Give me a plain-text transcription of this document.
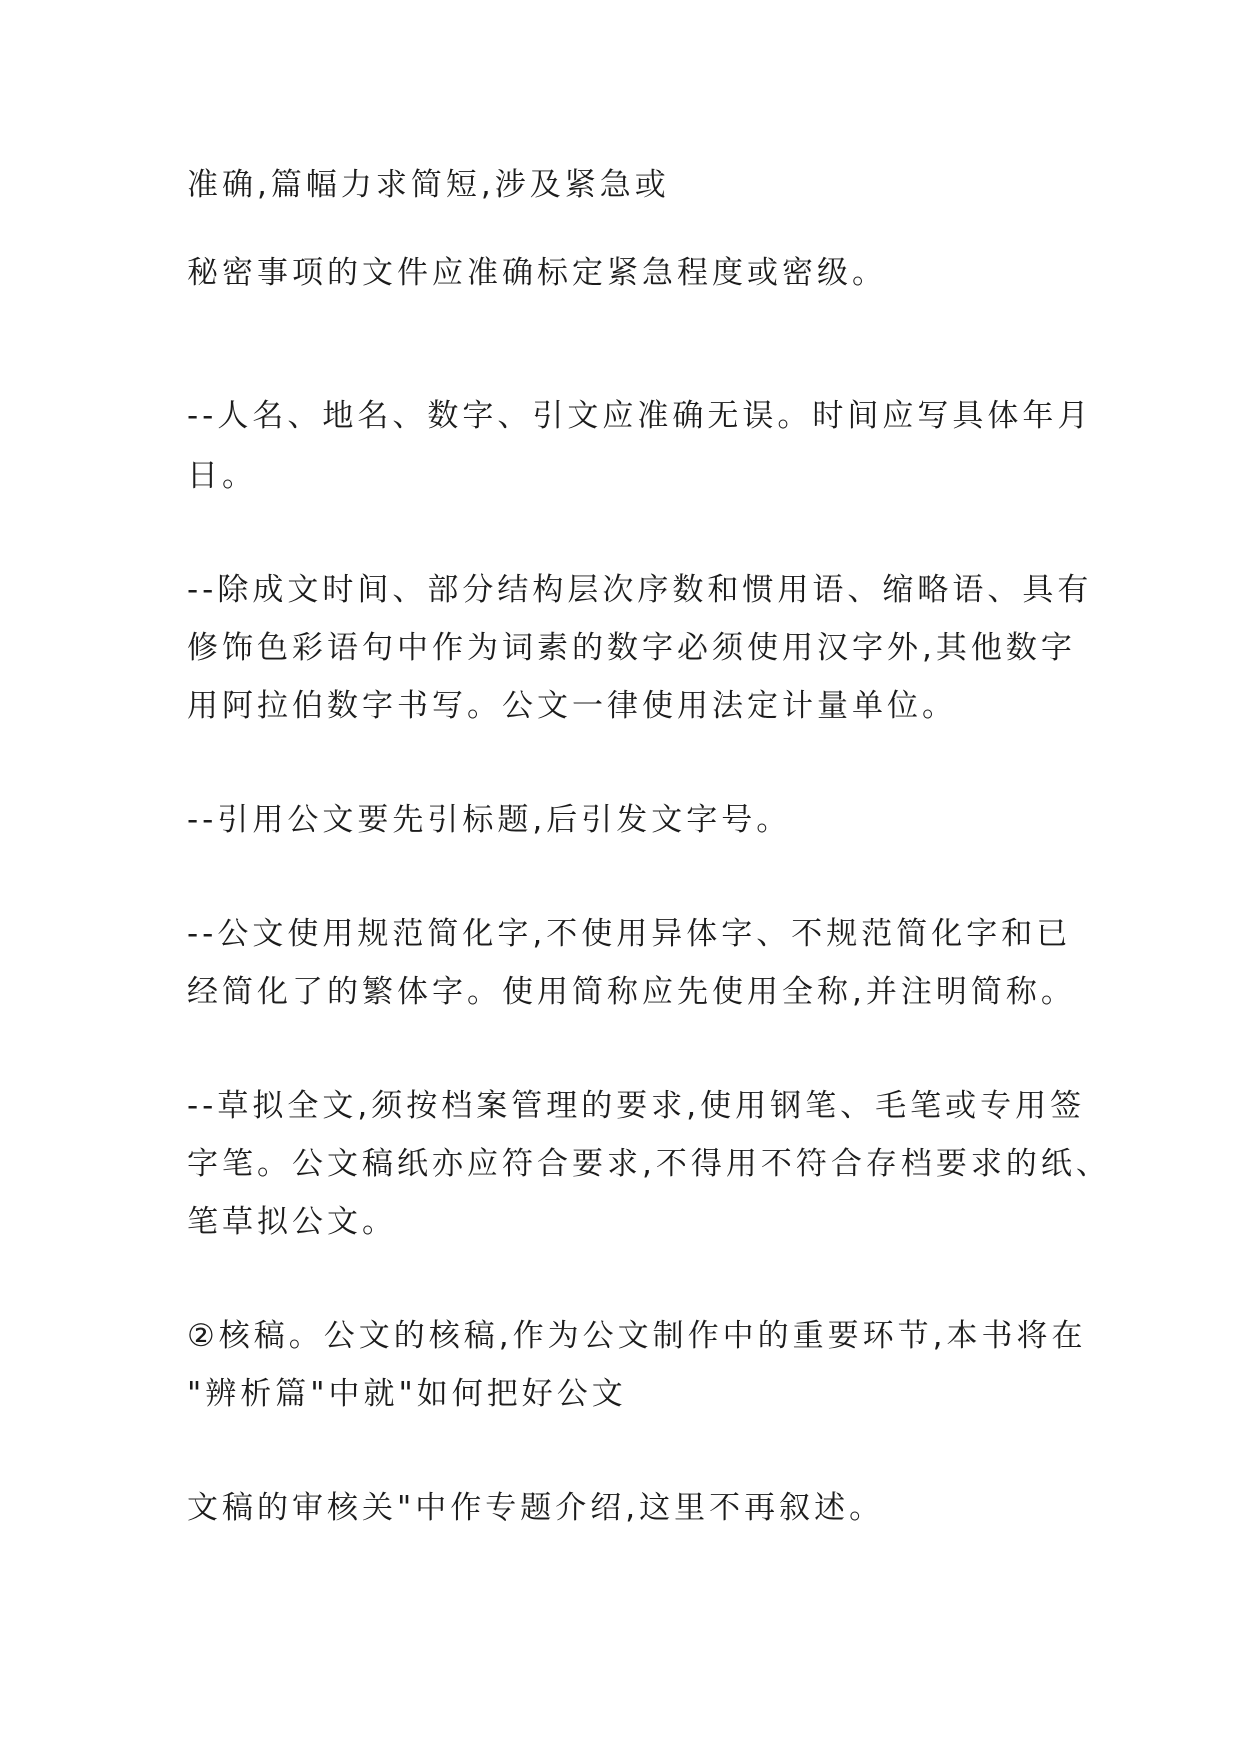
准确,篇幅力求简短,涉及紧急或

秘密事项的文件应准确标定紧急程度或密级。

--人名、地名、数字、引文应准确无误。时间应写具体年月

日。

--除成文时间、部分结构层次序数和惯用语、缩略语、具有

修饰色彩语句中作为词素的数字必须使用汉字外,其他数字

用阿拉伯数字书写。公文一律使用法定计量单位。

--引用公文要先引标题,后引发文字号。

--公文使用规范简化字,不使用异体字、不规范简化字和已

经简化了的繁体字。使用简称应先使用全称,并注明简称。

--草拟全文,须按档案管理的要求,使用钢笔、毛笔或专用签

字笔。公文稿纸亦应符合要求,不得用不符合存档要求的纸、

笔草拟公文。

②核稿。公文的核稿,作为公文制作中的重要环节,本书将在

"辨析篇"中就"如何把好公文

文稿的审核关"中作专题介绍,这里不再叙述。
